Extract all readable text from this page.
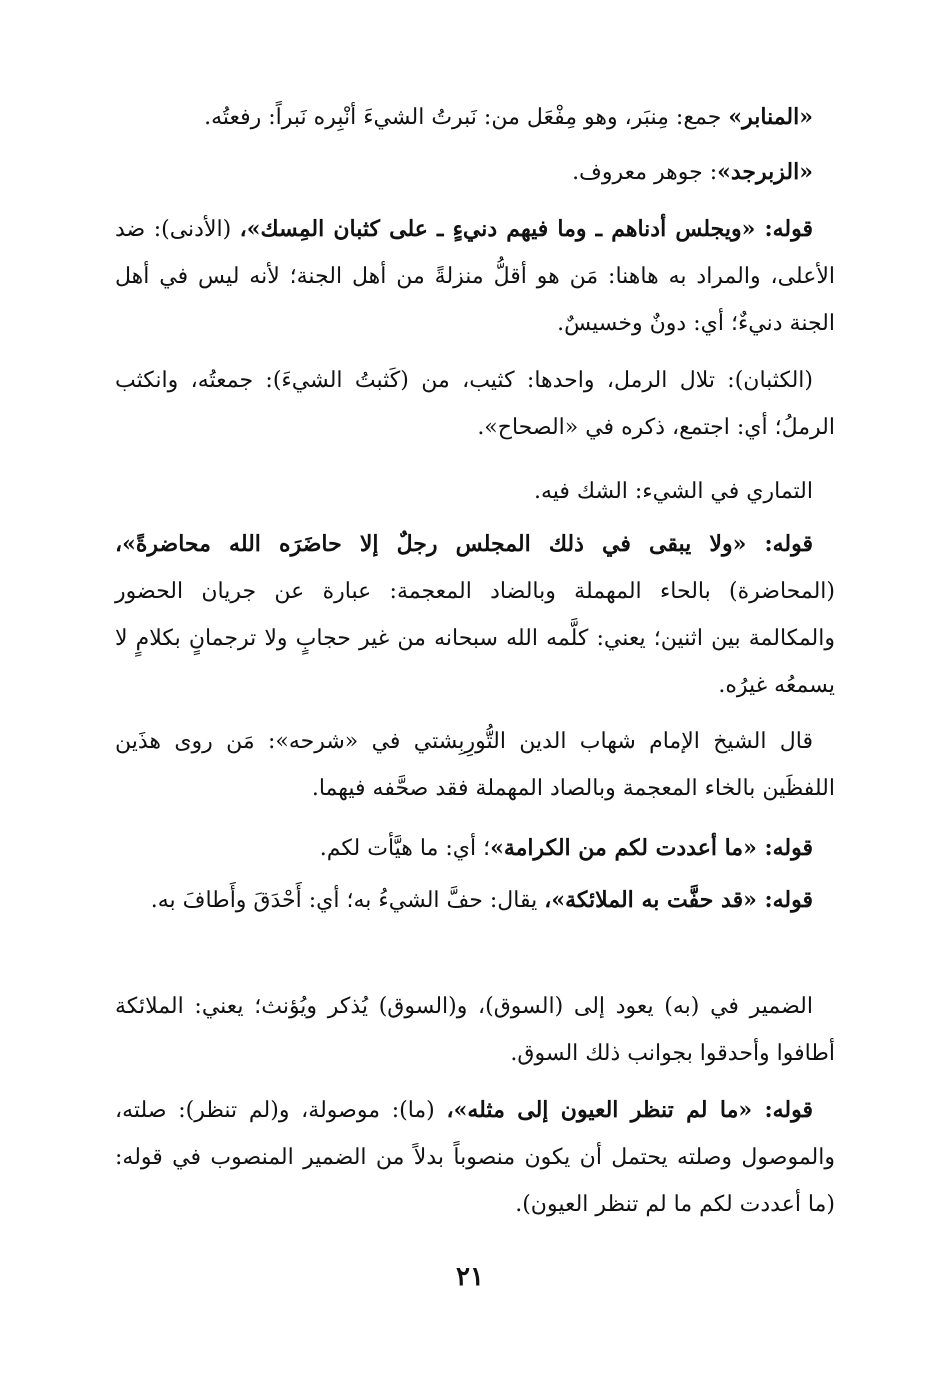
«المنابر» جمع: مِنبَر، وهو مِفْعَل من: نَبرتُ الشيءَ أنْبِره نَبراً: رفعتُه.

«الزبرجد»: جوهر معروف.

قوله: «ويجلس أدناهم ـ وما فيهم دنيءٍ ـ على كثبان المِسك»، (الأدنى): ضد الأعلى، والمراد به هاهنا: مَن هو أقلُّ منزلةً من أهل الجنة؛ لأنه ليس في أهل الجنة دنيءٌ؛ أي: دونٌ وخسيسٌ.

(الكثبان): تلال الرمل، واحدها: كثيب، من (كَثبتُ الشيءَ): جمعتُه، وانكثب الرملُ؛ أي: اجتمع، ذكره في «الصحاح».

التماري في الشيء: الشك فيه.

قوله: «ولا يبقى في ذلك المجلس رجلٌ إلا حاضَرَه الله محاضرةً»، (المحاضرة) بالحاء المهملة وبالضاد المعجمة: عبارة عن جريان الحضور والمكالمة بين اثنين؛ يعني: كلَّمه الله سبحانه من غير حجابٍ ولا ترجمانٍ بكلامٍ لا يسمعُه غيرُه.

قال الشيخ الإمام شهاب الدين التُّورِبِشتي في «شرحه»: مَن روى هذَين اللفظَين بالخاء المعجمة وبالصاد المهملة فقد صحَّفه فيهما.

قوله: «ما أعددت لكم من الكرامة»؛ أي: ما هيَّأت لكم.

قوله: «قد حفَّت به الملائكة»، يقال: حفَّ الشيءُ به؛ أي: أَحْدَقَ وأَطافَ به.

الضمير في (به) يعود إلى (السوق)، و(السوق) يُذكر ويُؤنث؛ يعني: الملائكة أطافوا وأحدقوا بجوانب ذلك السوق.

قوله: «ما لم تنظر العيون إلى مثله»، (ما): موصولة، و(لم تنظر): صلته، والموصول وصلته يحتمل أن يكون منصوباً بدلاً من الضمير المنصوب في قوله: (ما أعددت لكم ما لم تنظر العيون).

٢١
